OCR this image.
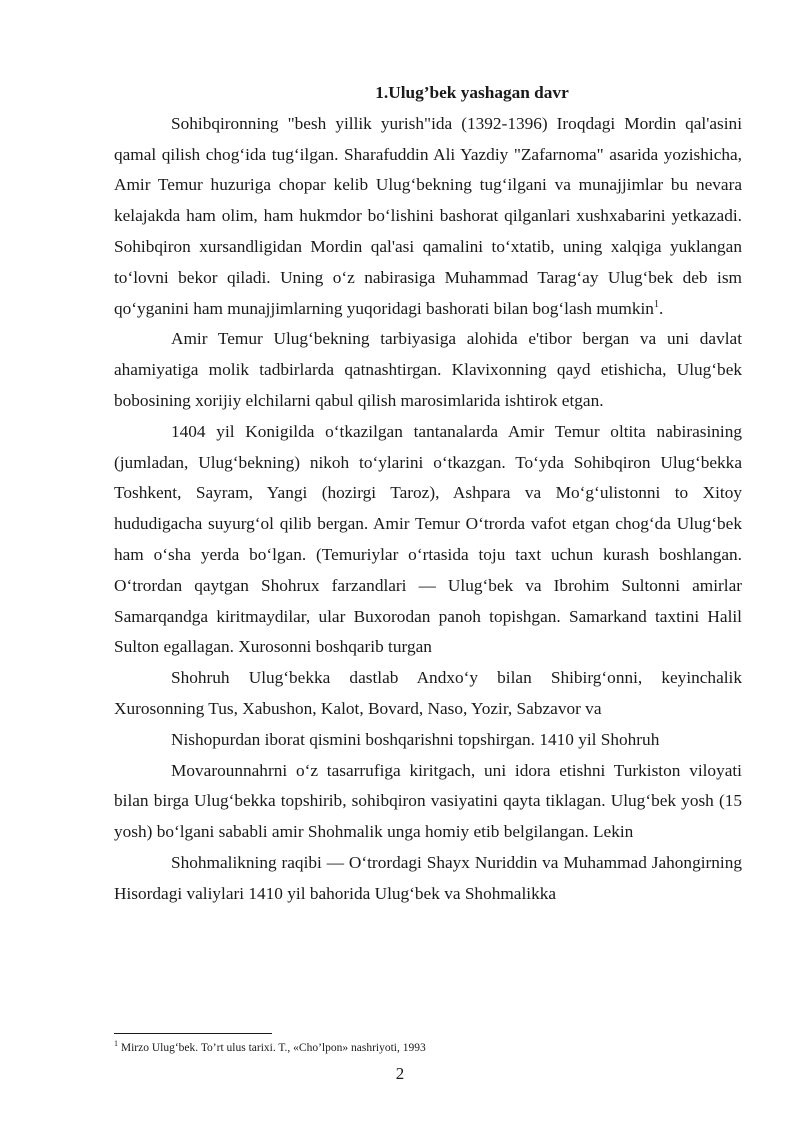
1.Ulug’bek yashagan davr

Sohibqironning "besh yillik yurish"ida (1392-1396) Iroqdagi Mordin qal'asini qamal qilish chog‘ida tug‘ilgan. Sharafuddin Ali Yazdiy "Zafarnoma" asarida yozishicha, Amir Temur huzuriga chopar kelib Ulug‘bekning tug‘ilgani va munajjimlar bu nevara kelajakda ham olim, ham hukmdor bo‘lishini bashorat qilganlari xushxabarini yetkazadi. Sohibqiron xursandligidan Mordin qal'asi qamalini to‘xtatib, uning xalqiga yuklangan to‘lovni bekor qiladi. Uning o‘z nabirasiga Muhammad Tarag‘ay Ulug‘bek deb ism qo‘yganini ham munajjimlarning yuqoridagi bashorati bilan bog‘lash mumkin$^1$.

Amir Temur Ulug‘bekning tarbiyasiga alohida e'tibor bergan va uni davlat ahamiyatiga molik tadbirlarda qatnashtirgan. Klavixonning qayd etishicha, Ulug‘bek bobosining xorijiy elchilarni qabul qilish marosimlarida ishtirok etgan.

1404 yil Konigilda o‘tkazilgan tantanalarda Amir Temur oltita nabirasining (jumladan, Ulug‘bekning) nikoh to‘ylarini o‘tkazgan. To‘yda Sohibqiron Ulug‘bekka Toshkent, Sayram, Yangi (hozirgi Taroz), Ashpara va Mo‘g‘ulistonni to Xitoy hududigacha suyurg‘ol qilib bergan. Amir Temur O‘trorda vafot etgan chog‘da Ulug‘bek ham o‘sha yerda bo‘lgan. (Temuriylar o‘rtasida toju taxt uchun kurash boshlangan. O‘trordan qaytgan Shohrux farzandlari — Ulug‘bek va Ibrohim Sultonni amirlar Samarqandga kiritmaydilar, ular Buxorodan panoh topishgan. Samarkand taxtini Halil Sulton egallagan. Xurosonni boshqarib turgan

Shohruh Ulug‘bekka dastlab Andxo‘y bilan Shibirg‘onni, keyinchalik Xurosonning Tus, Xabushon, Kalot, Bovard, Naso, Yozir, Sabzavor va

Nishopurdan iborat qismini boshqarishni topshirgan. 1410 yil Shohruh

Movarounnahrni o‘z tasarrufiga kiritgach, uni idora etishni Turkiston viloyati bilan birga Ulug‘bekka topshirib, sohibqiron vasiyatini qayta tiklagan. Ulug‘bek yosh (15 yosh) bo‘lgani sababli amir Shohmalik unga homiy etib belgilangan. Lekin

Shohmalikning raqibi — O‘trordagi Shayx Nuriddin va Muhammad Jahongirning Hisordagi valiylari 1410 yil bahorida Ulug‘bek va Shohmalikka

$^1$ Mirzo Ulug‘bek. To’rt ulus tarixi. T., «Cho’lpon» nashriyoti, 1993
2
